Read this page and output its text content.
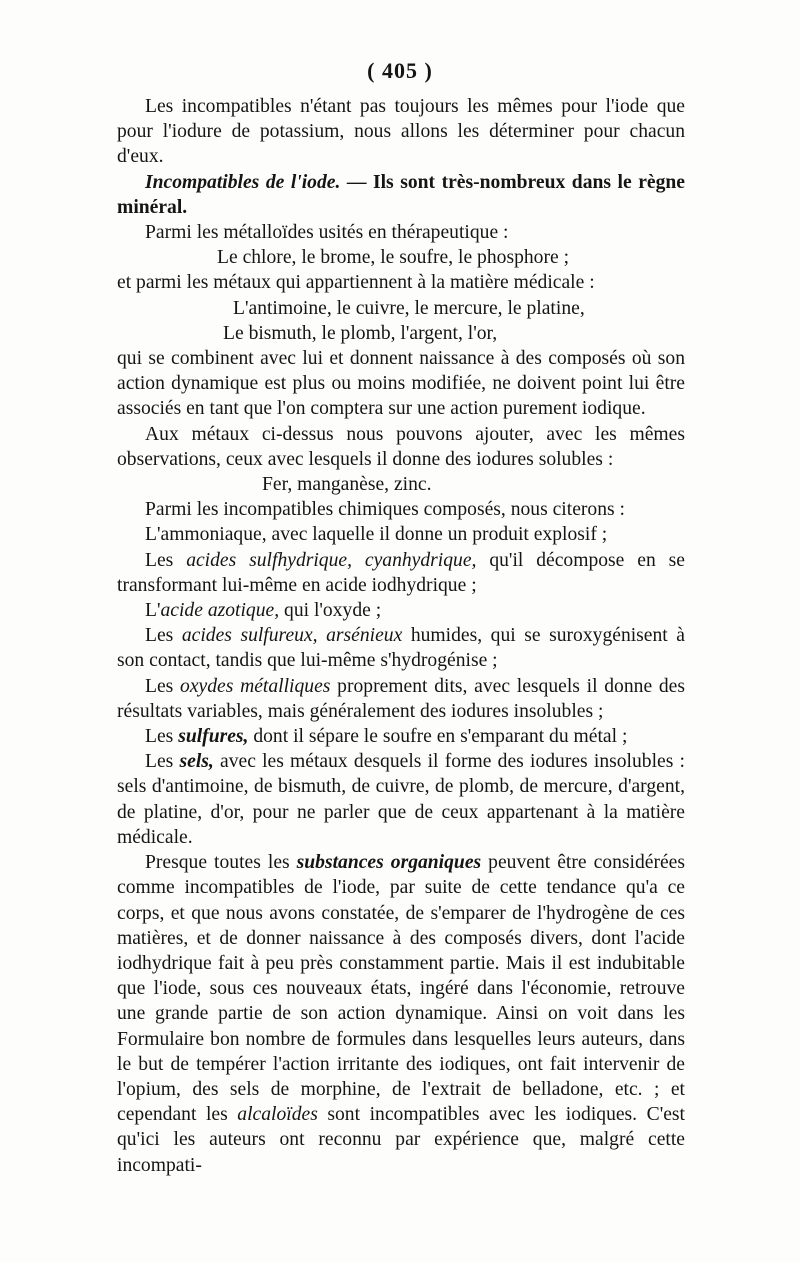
( 405 )

Les incompatibles n'étant pas toujours les mêmes pour l'iode que pour l'iodure de potassium, nous allons les déterminer pour chacun d'eux.

Incompatibles de l'iode. — Ils sont très-nombreux dans le règne minéral.

Parmi les métalloïdes usités en thérapeutique :

Le chlore, le brome, le soufre, le phosphore ;

et parmi les métaux qui appartiennent à la matière médicale :

L'antimoine, le cuivre, le mercure, le platine,

Le bismuth, le plomb, l'argent, l'or,

qui se combinent avec lui et donnent naissance à des composés où son action dynamique est plus ou moins modifiée, ne doivent point lui être associés en tant que l'on comptera sur une action purement iodique.

Aux métaux ci-dessus nous pouvons ajouter, avec les mêmes observations, ceux avec lesquels il donne des iodures solubles :

Fer, manganèse, zinc.

Parmi les incompatibles chimiques composés, nous citerons :

L'ammoniaque, avec laquelle il donne un produit explosif ;

Les acides sulfhydrique, cyanhydrique, qu'il décompose en se transformant lui-même en acide iodhydrique ;

L'acide azotique, qui l'oxyde ;

Les acides sulfureux, arsénieux humides, qui se suroxygénisent à son contact, tandis que lui-même s'hydrogénise ;

Les oxydes métalliques proprement dits, avec lesquels il donne des résultats variables, mais généralement des iodures insolubles ;

Les sulfures, dont il sépare le soufre en s'emparant du métal ;

Les sels, avec les métaux desquels il forme des iodures insolubles : sels d'antimoine, de bismuth, de cuivre, de plomb, de mercure, d'argent, de platine, d'or, pour ne parler que de ceux appartenant à la matière médicale.

Presque toutes les substances organiques peuvent être considérées comme incompatibles de l'iode, par suite de cette tendance qu'a ce corps, et que nous avons constatée, de s'emparer de l'hydrogène de ces matières, et de donner naissance à des composés divers, dont l'acide iodhydrique fait à peu près constamment partie. Mais il est indubitable que l'iode, sous ces nouveaux états, ingéré dans l'économie, retrouve une grande partie de son action dynamique. Ainsi on voit dans les Formulaire bon nombre de formules dans lesquelles leurs auteurs, dans le but de tempérer l'action irritante des iodiques, ont fait intervenir de l'opium, des sels de morphine, de l'extrait de belladone, etc. ; et cependant les alcaloïdes sont incompatibles avec les iodiques. C'est qu'ici les auteurs ont reconnu par expérience que, malgré cette incompati-
